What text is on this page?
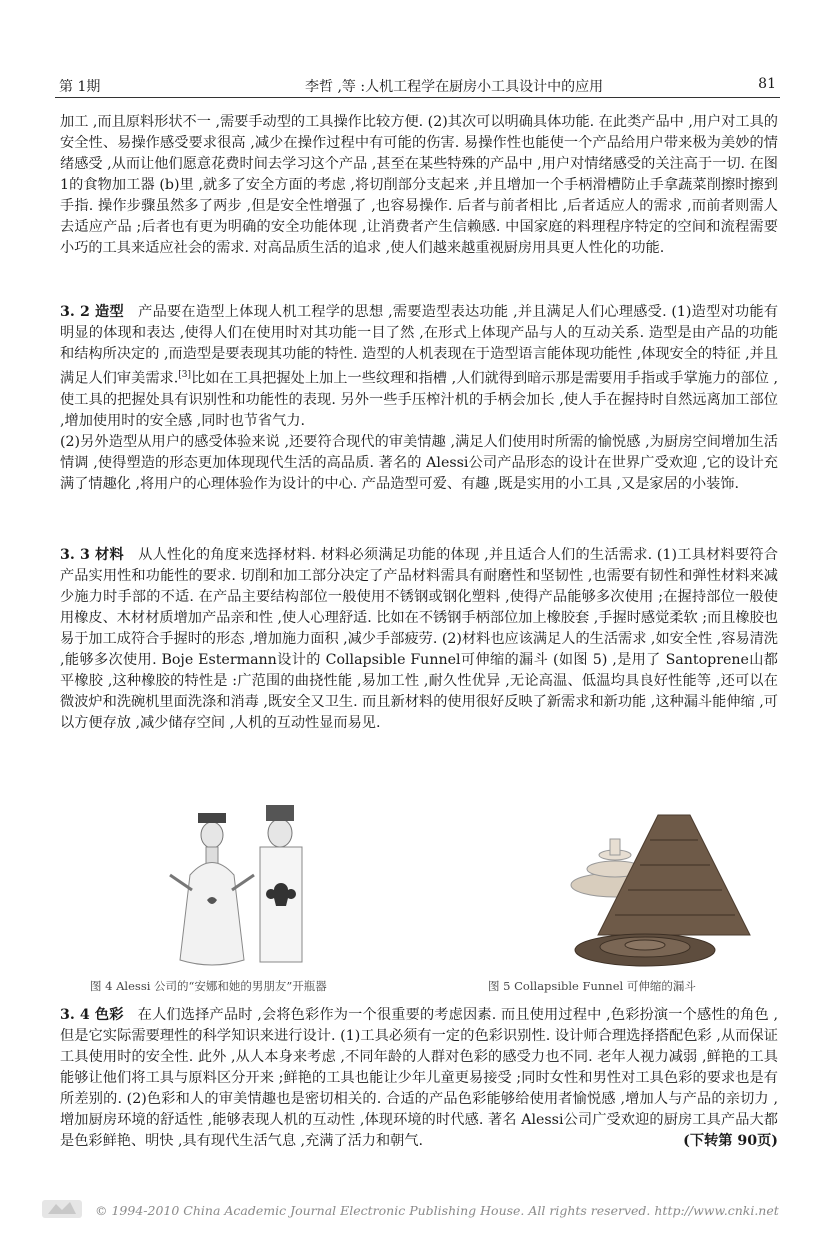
第 1期	李哲 ,等 :人机工程学在厨房小工具设计中的应用	81

加工 ,而且原料形状不一 ,需要手动型的工具操作比较方便. (2)其次可以明确具体功能. 在此类产品中 ,用户对工具的安全性、易操作感受要求很高 ,减少在操作过程中有可能的伤害. 易操作性也能使一个产品给用户带来极为美妙的情绪感受 ,从而让他们愿意花费时间去学习这个产品 ,甚至在某些特殊的产品中 ,用户对情绪感受的关注高于一切. 在图 1的食物加工器 (b)里 ,就多了安全方面的考虑 ,将切削部分支起来 ,并且增加一个手柄滑槽防止手拿蔬菜削擦时擦到手指. 操作步骤虽然多了两步 ,但是安全性增强了 ,也容易操作. 后者与前者相比 ,后者适应人的需求 ,而前者则需人去适应产品 ;后者也有更为明确的安全功能体现 ,让消费者产生信赖感. 中国家庭的料理程序特定的空间和流程需要小巧的工具来适应社会的需求. 对高品质生活的追求 ,使人们越来越重视厨房用具更人性化的功能.

3. 2 造型 产品要在造型上体现人机工程学的思想 ,需要造型表达功能 ,并且满足人们心理感受. (1)造型对功能有明显的体现和表达 ,使得人们在使用时对其功能一目了然 ,在形式上体现产品与人的互动关系. 造型是由产品的功能和结构所决定的 ,而造型是要表现其功能的特性. 造型的人机表现在于造型语言能体现功能性 ,体现安全的特征 ,并且满足人们审美需求.[3]比如在工具把握处上加上一些纹理和指槽 ,人们就得到暗示那是需要用手指或手掌施力的部位 ,使工具的把握处具有识别性和功能性的表现. 另外一些手压榨汁机的手柄会加长 ,使人手在握持时自然远离加工部位 ,增加使用时的安全感 ,同时也节省气力.

(2)另外造型从用户的感受体验来说 ,还要符合现代的审美情趣 ,满足人们使用时所需的愉悦感 ,为厨房空间增加生活情调 ,使得塑造的形态更加体现现代生活的高品质. 著名的 Alessi公司产品形态的设计在世界广受欢迎 ,它的设计充满了情趣化 ,将用户的心理体验作为设计的中心. 产品造型可爱、有趣 ,既是实用的小工具 ,又是家居的小装饰.

3. 3 材料 从人性化的角度来选择材料. 材料必须满足功能的体现 ,并且适合人们的生活需求. (1)工具材料要符合产品实用性和功能性的要求. 切削和加工部分决定了产品材料需具有耐磨性和坚韧性 ,也需要有韧性和弹性材料来减少施力时手部的不适. 在产品主要结构部位一般使用不锈钢或钢化塑料 ,使得产品能够多次使用 ;在握持部位一般使用橡皮、木材材质增加产品亲和性 ,使人心理舒适. 比如在不锈钢手柄部位加上橡胶套 ,手握时感觉柔软 ;而且橡胶也易于加工成符合手握时的形态 ,增加施力面积 ,减少手部疲劳. (2)材料也应该满足人的生活需求 ,如安全性 ,容易清洗 ,能够多次使用. Boje Estermann设计的 Collapsible Funnel可伸缩的漏斗 (如图 5) ,是用了 Santoprene山都平橡胶 ,这种橡胶的特性是 :广范围的曲挠性能 ,易加工性 ,耐久性优异 ,无论高温、低温均具良好性能等 ,还可以在微波炉和洗碗机里面洗涤和消毒 ,既安全又卫生. 而且新材料的使用很好反映了新需求和新功能 ,这种漏斗能伸缩 ,可以方便存放 ,减少储存空间 ,人机的互动性显而易见.

图 4 Alessi 公司的“安娜和她的男朋友”开瓶器	图 5 Collapsible Funnel 可伸缩的漏斗

3. 4 色彩 在人们选择产品时 ,会将色彩作为一个很重要的考虑因素. 而且使用过程中 ,色彩扮演一个感性的角色 ,但是它实际需要理性的科学知识来进行设计. (1)工具必须有一定的色彩识别性. 设计师合理选择搭配色彩 ,从而保证工具使用时的安全性. 此外 ,从人本身来考虑 ,不同年龄的人群对色彩的感受力也不同. 老年人视力减弱 ,鲜艳的工具能够让他们将工具与原料区分开来 ;鲜艳的工具也能让少年儿童更易接受 ;同时女性和男性对工具色彩的要求也是有所差别的. (2)色彩和人的审美情趣也是密切相关的. 合适的产品色彩能够给使用者愉悦感 ,增加人与产品的亲切力 ,增加厨房环境的舒适性 ,能够表现人机的互动性 ,体现环境的时代感. 著名 Alessi公司广受欢迎的厨房工具产品大都是色彩鲜艳、明快 ,具有现代生活气息 ,充满了活力和朝气.	(下转第 90页)

© 1994-2010 China Academic Journal Electronic Publishing House. All rights reserved. http://www.cnki.net
